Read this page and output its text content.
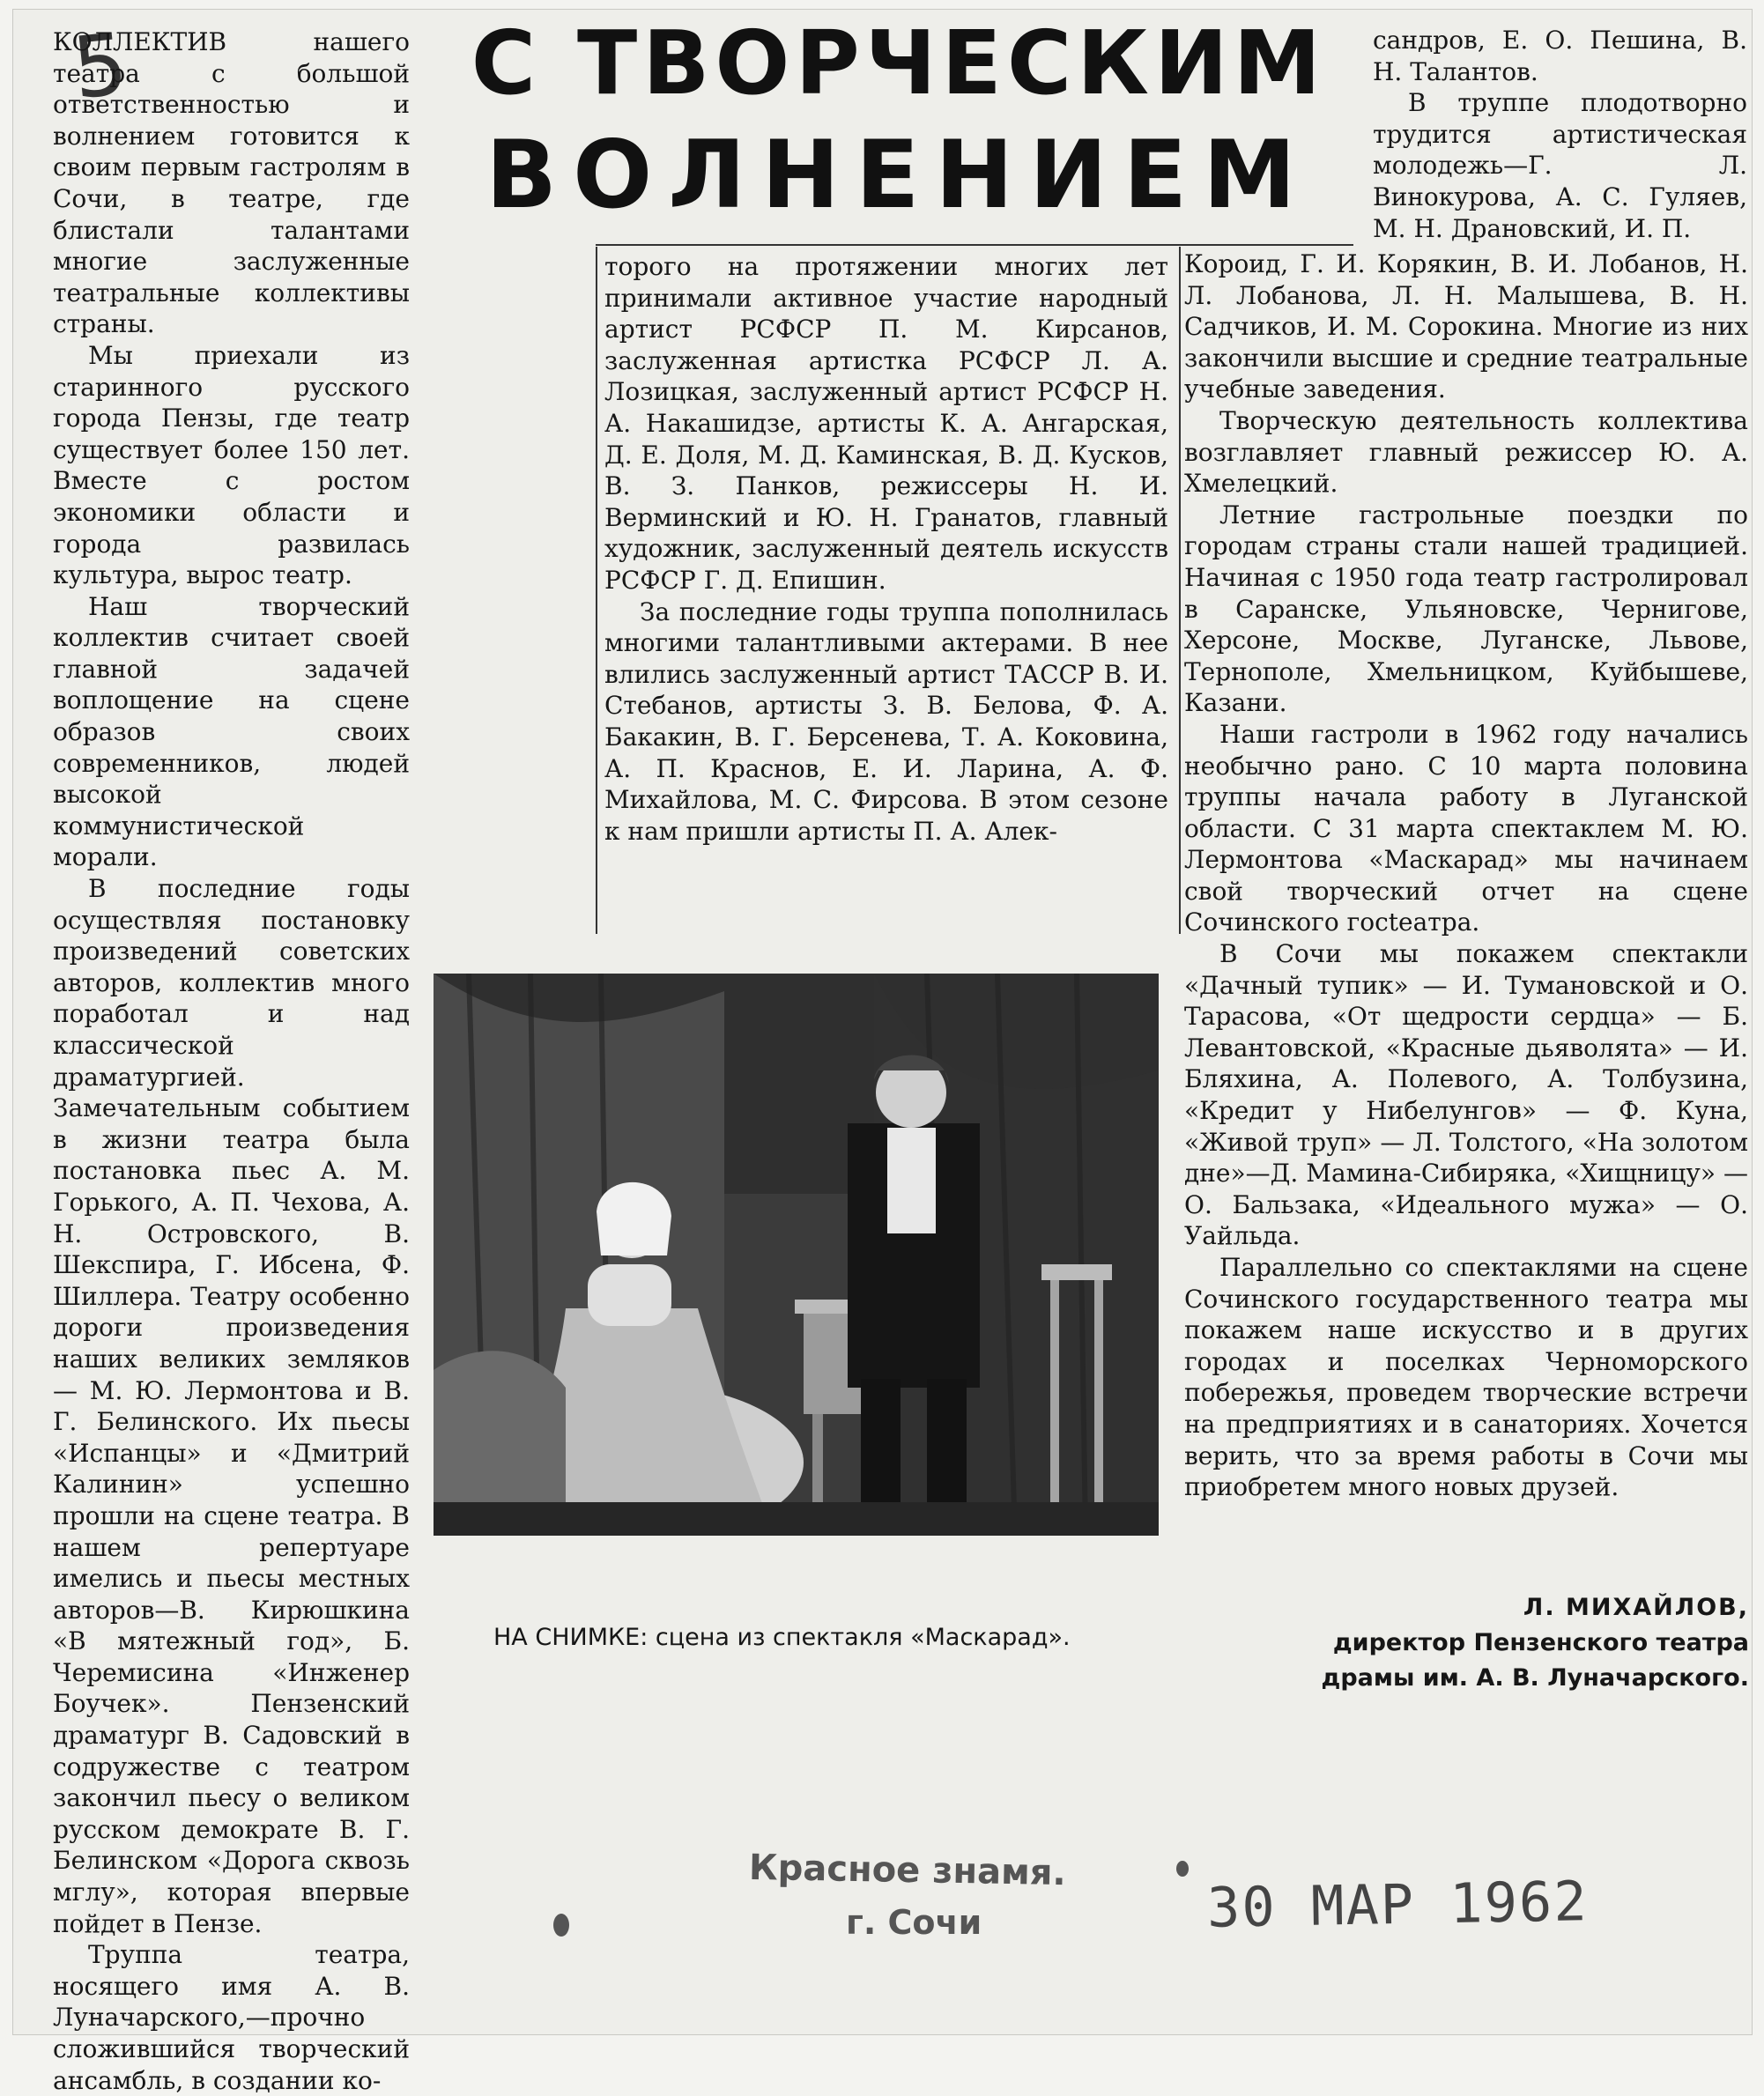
5	С ТВОРЧЕСКИМ
ВОЛНЕНИЕМ

КОЛЛЕКТИВ нашего театра с большой ответственностью и волнением готовится к своим первым гастролям в Сочи, в театре, где блистали талантами многие заслуженные театральные коллективы страны.

Мы приехали из старинного русского города Пензы, где театр существует более 150 лет. Вместе с ростом экономики области и города развилась культура, вырос театр.

Наш творческий коллектив считает своей главной задачей воплощение на сцене образов своих современников, людей высокой коммунистической морали.

В последние годы осуществляя постановку произведений советских авторов, коллектив много поработал и над классической драматургией. Замечательным событием в жизни театра была постановка пьес А. М. Горького, А. П. Чехова, А. Н. Островского, В. Шекспира, Г. Ибсена, Ф. Шиллера. Театру особенно дороги произведения наших великих земляков — М. Ю. Лермонтова и В. Г. Белинского. Их пьесы «Испанцы» и «Дмитрий Калинин» успешно прошли на сцене театра. В нашем репертуаре имелись и пьесы местных авторов—В. Кирюшкина «В мятежный год», Б. Черемисина «Инженер Боучек». Пензенский драматург В. Садовский в содружестве с театром закончил пьесу о великом русском демократе В. Г. Белинском «Дорога сквозь мглу», которая впервые пойдет в Пензе.

Труппа театра, носящего имя А. В. Луначарского,—прочно сложившийся творческий ансамбль, в создании ко-

торого на протяжении многих лет принимали активное участие народный артист РСФСР П. М. Кирсанов, заслуженная артистка РСФСР Л. А. Лозицкая, заслуженный артист РСФСР Н. А. Накашидзе, артисты К. А. Ангарская, Д. Е. Доля, М. Д. Каминская, В. Д. Кусков, В. З. Панков, режиссеры Н. И. Верминский и Ю. Н. Гранатов, главный художник, заслуженный деятель искусств РСФСР Г. Д. Епишин.

За последние годы труппа пополнилась многими талантливыми актерами. В нее влились заслуженный артист ТАССР В. И. Стебанов, артисты З. В. Белова, Ф. А. Бакакин, В. Г. Берсенева, Т. А. Коковина, А. П. Краснов, Е. И. Ларина, А. Ф. Михайлова, М. С. Фирсова. В этом сезоне к нам пришли артисты П. А. Алек-

сандров, Е. О. Пешина, В. Н. Талантов.

В труппе плодотворно трудится артистическая молодежь—Г. Л. Винокурова, А. С. Гуляев, М. Н. Драновский, И. П.

Короид, Г. И. Корякин, В. И. Лобанов, Н. Л. Лобанова, Л. Н. Малышева, В. Н. Садчиков, И. М. Сорокина. Многие из них закончили высшие и средние театральные учебные заведения.

Творческую деятельность коллектива возглавляет главный режиссер Ю. А. Хмелецкий.

Летние гастрольные поездки по городам страны стали нашей традицией. Начиная с 1950 года театр гастролировал в Саранске, Ульяновске, Чернигове, Херсоне, Москве, Луганске, Львове, Тернополе, Хмельницком, Куйбышеве, Казани.

Наши гастроли в 1962 году начались необычно рано. С 10 марта половина труппы начала работу в Луганской области. С 31 марта спектаклем М. Ю. Лермонтова «Маскарад» мы начинаем свой творческий отчет на сцене Сочинского госteатра.

В Сочи мы покажем спектакли «Дачный тупик» — И. Тумановской и О. Тарасова, «От щедрости сердца» — Б. Левантовской, «Красные дьяволята» — И. Бляхина, А. Полевого, А. Толбузина, «Кредит у Нибелунгов» — Ф. Куна, «Живой труп» — Л. Толстого, «На золотом дне»—Д. Мамина-Сибиряка, «Хищницу» — О. Бальзака, «Идеального мужа» — О. Уайльда.

Параллельно со спектаклями на сцене Сочинского государственного театра мы покажем наше искусство и в других городах и поселках Черноморского побережья, проведем творческие встречи на предприятиях и в санаториях. Хочется верить, что за время работы в Сочи мы приобретем много новых друзей.

НА СНИМКЕ: сцена из спектакля «Маскарад».
Л. МИХАЙЛОВ,
директор Пензенского театра драмы им. А. В. Луначарского.
Красное знамя.
г. Сочи	30 МАР 1962
